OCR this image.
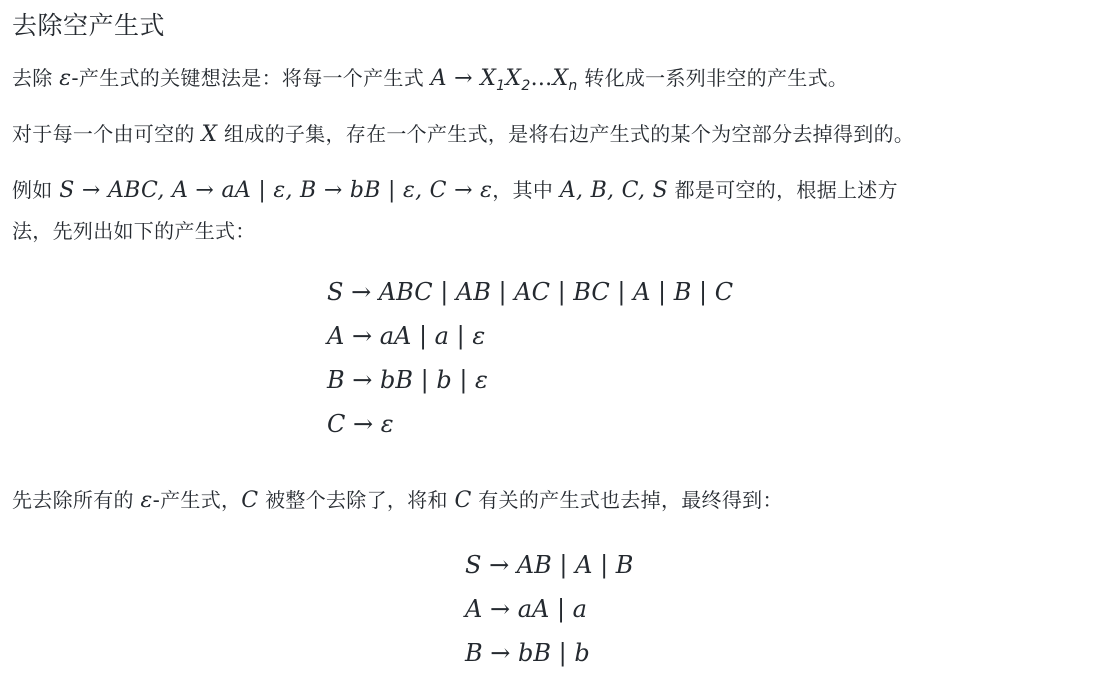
去除空产生式

去除 ε-产生式的关键想法是：将每一个产生式 $A \to X_1X_2...X_n$ 转化成一系列非空的产生式。

对于每一个由可空的 X 组成的子集，存在一个产生式，是将右边产生式的某个为空部分去掉得到的。

例如 S → ABC, A → aA | ε, B → bB | ε, C → ε，其中 A, B, C, S 都是可空的，根据上述方
法，先列出如下的产生式：

S → ABC | AB | AC | BC | A | B | C
A → aA | a | ε
B → bB | b | ε
C → ε

先去除所有的 ε-产生式，C 被整个去除了，将和 C 有关的产生式也去掉，最终得到：

S → AB | A | B
A → aA | a
B → bB | b
